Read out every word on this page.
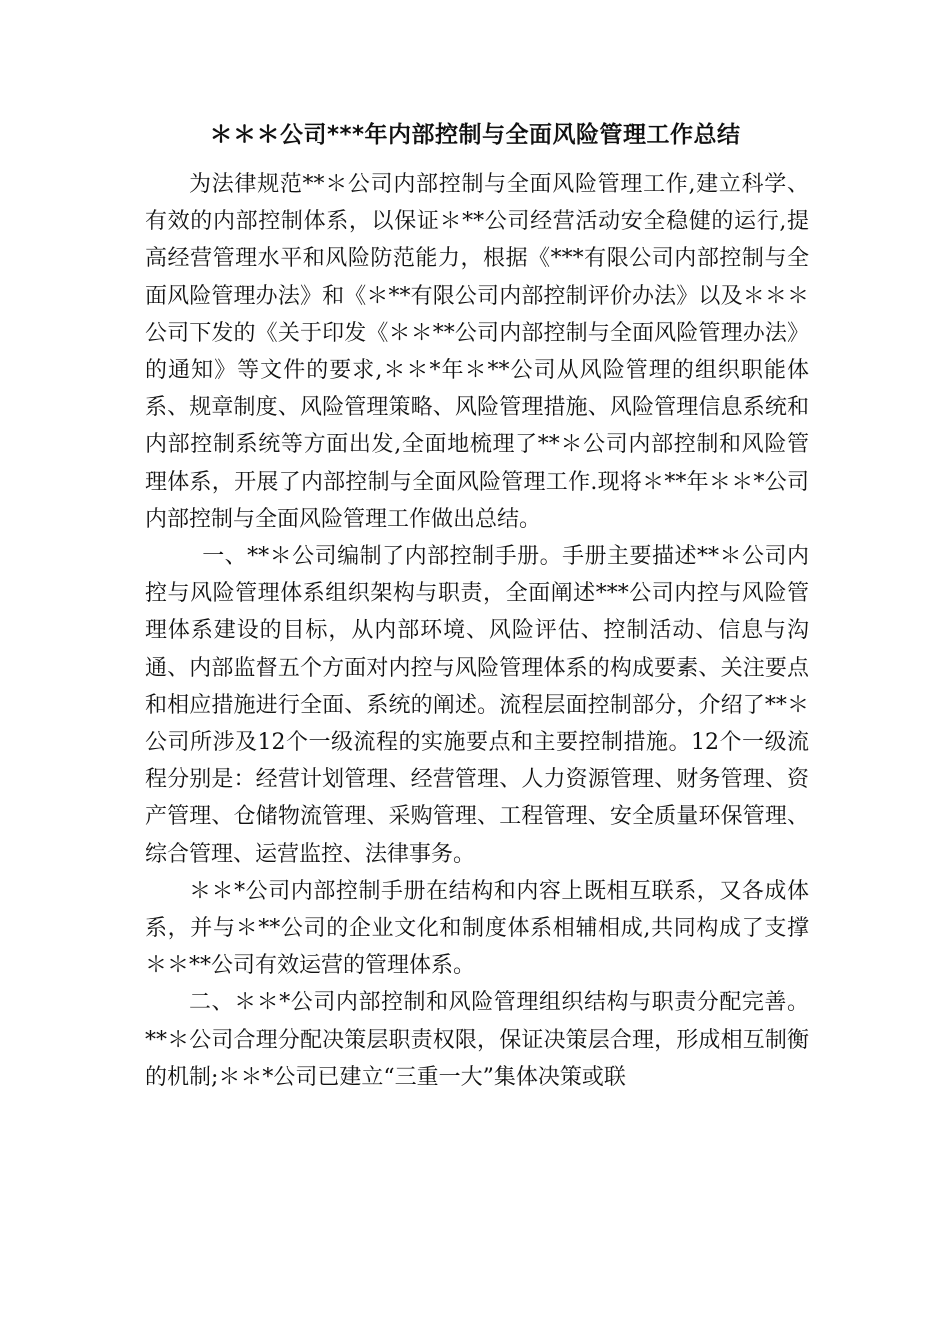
＊＊＊公司***年内部控制与全面风险管理工作总结

为法律规范**＊公司内部控制与全面风险管理工作,建立科学、有效的内部控制体系，以保证＊**公司经营活动安全稳健的运行,提高经营管理水平和风险防范能力，根据《***有限公司内部控制与全面风险管理办法》和《＊**有限公司内部控制评价办法》以及＊＊＊公司下发的《关于印发《＊＊**公司内部控制与全面风险管理办法》的通知》等文件的要求,＊＊*年＊**公司从风险管理的组织职能体系、规章制度、风险管理策略、风险管理措施、风险管理信息系统和内部控制系统等方面出发,全面地梳理了**＊公司内部控制和风险管理体系，开展了内部控制与全面风险管理工作.现将＊**年＊＊*公司内部控制与全面风险管理工作做出总结。

一、**＊公司编制了内部控制手册。手册主要描述**＊公司内控与风险管理体系组织架构与职责，全面阐述***公司内控与风险管理体系建设的目标，从内部环境、风险评估、控制活动、信息与沟通、内部监督五个方面对内控与风险管理体系的构成要素、关注要点和相应措施进行全面、系统的阐述。流程层面控制部分，介绍了**＊公司所涉及12个一级流程的实施要点和主要控制措施。12个一级流程分别是：经营计划管理、经营管理、人力资源管理、财务管理、资产管理、仓储物流管理、采购管理、工程管理、安全质量环保管理、综合管理、运营监控、法律事务。

＊＊*公司内部控制手册在结构和内容上既相互联系，又各成体系，并与＊**公司的企业文化和制度体系相辅相成,共同构成了支撑＊＊**公司有效运营的管理体系。

二、＊＊*公司内部控制和风险管理组织结构与职责分配完善。**＊公司合理分配决策层职责权限，保证决策层合理，形成相互制衡的机制;＊＊*公司已建立“三重一大”集体决策或联
